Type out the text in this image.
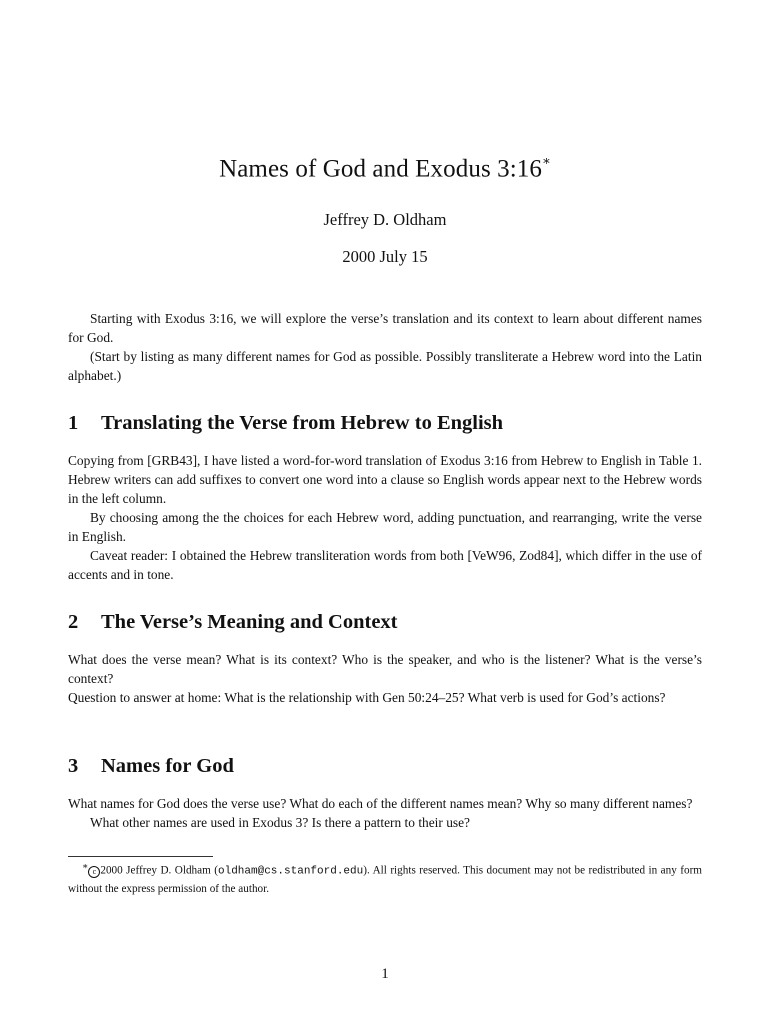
Names of God and Exodus 3:16∗
Jeffrey D. Oldham
2000 July 15

Starting with Exodus 3:16, we will explore the verse’s translation and its context to learn about different names for God.

(Start by listing as many different names for God as possible. Possibly transliterate a Hebrew word into the Latin alphabet.)

1 Translating the Verse from Hebrew to English

Copying from [GRB43], I have listed a word-for-word translation of Exodus 3:16 from Hebrew to English in Table 1. Hebrew writers can add suffixes to convert one word into a clause so English words appear next to the Hebrew words in the left column.

By choosing among the the choices for each Hebrew word, adding punctuation, and rearranging, write the verse in English.

Caveat reader: I obtained the Hebrew transliteration words from both [VeW96, Zod84], which differ in the use of accents and in tone.

2 The Verse’s Meaning and Context

What does the verse mean? What is its context? Who is the speaker, and who is the listener? What is the verse’s context?

Question to answer at home: What is the relationship with Gen 50:24–25? What verb is used for God’s actions?

3 Names for God

What names for God does the verse use? What do each of the different names mean? Why so many different names?

What other names are used in Exodus 3? Is there a pattern to their use?

∗ c 2000 Jeffrey D. Oldham (oldham@cs.stanford.edu). All rights reserved. This document may not be redistributed in any form without the express permission of the author.

1
